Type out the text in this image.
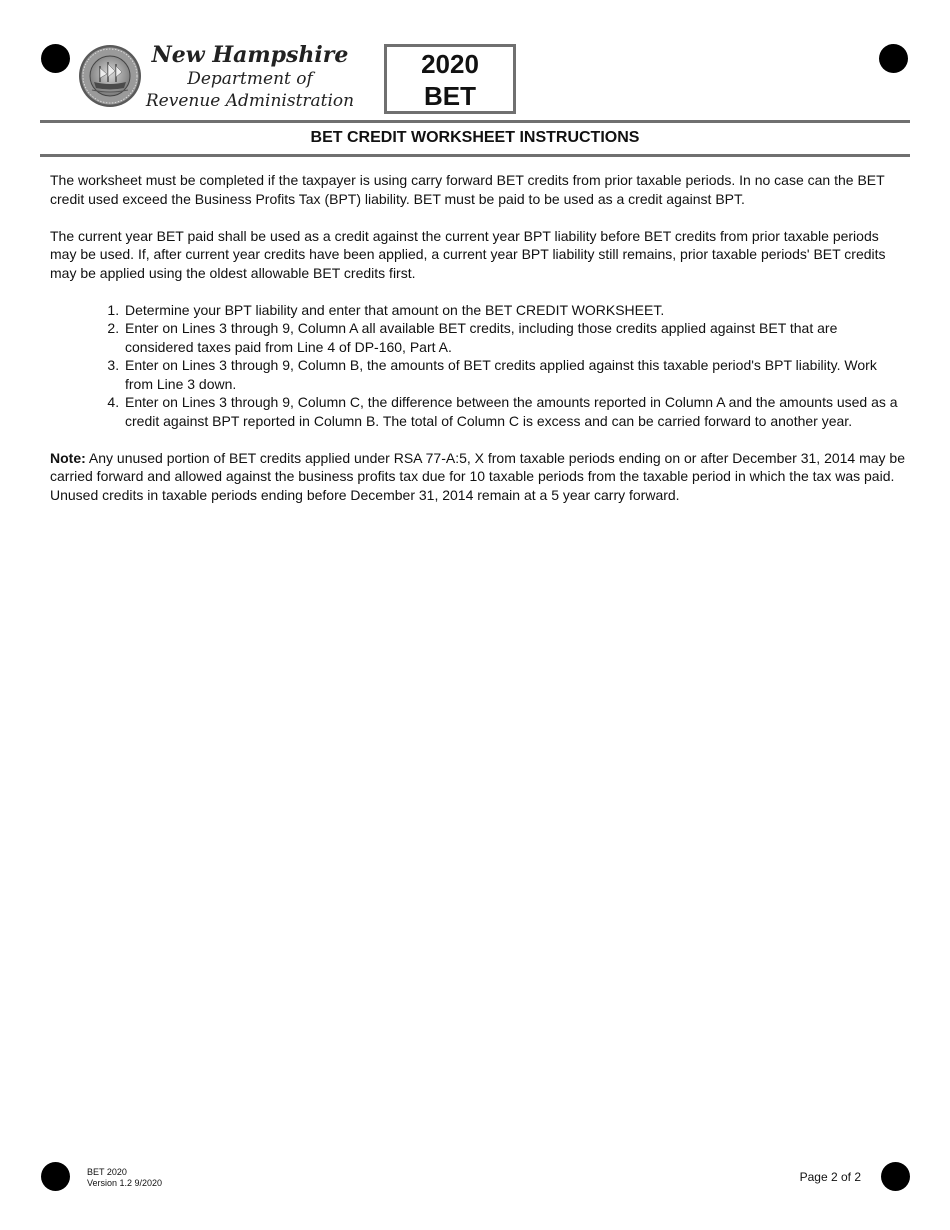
New Hampshire
Department of
Revenue Administration
2020
BET
BET CREDIT WORKSHEET INSTRUCTIONS

The worksheet must be completed if the taxpayer is using carry forward BET credits from prior taxable periods. In no case can the BET credit used exceed the Business Profits Tax (BPT) liability. BET must be paid to be used as a credit against BPT.

The current year BET paid shall be used as a credit against the current year BPT liability before BET credits from prior taxable periods may be used. If, after current year credits have been applied, a current year BPT liability still remains, prior taxable periods' BET credits may be applied using the oldest allowable BET credits first.

1. Determine your BPT liability and enter that amount on the BET CREDIT WORKSHEET.
2. Enter on Lines 3 through 9, Column A all available BET credits, including those credits applied against BET that are considered taxes paid from Line 4 of DP-160, Part A.
3. Enter on Lines 3 through 9, Column B, the amounts of BET credits applied against this taxable period's BPT liability. Work from Line 3 down.
4. Enter on Lines 3 through 9, Column C, the difference between the amounts reported in Column A and the amounts used as a credit against BPT reported in Column B. The total of Column C is excess and can be carried forward to another year.

Note: Any unused portion of BET credits applied under RSA 77-A:5, X from taxable periods ending on or after December 31, 2014 may be carried forward and allowed against the business profits tax due for 10 taxable periods from the taxable period in which the tax was paid. Unused credits in taxable periods ending before December 31, 2014 remain at a 5 year carry forward.

BET 2020
Version 1.2 9/2020	Page 2 of 2
